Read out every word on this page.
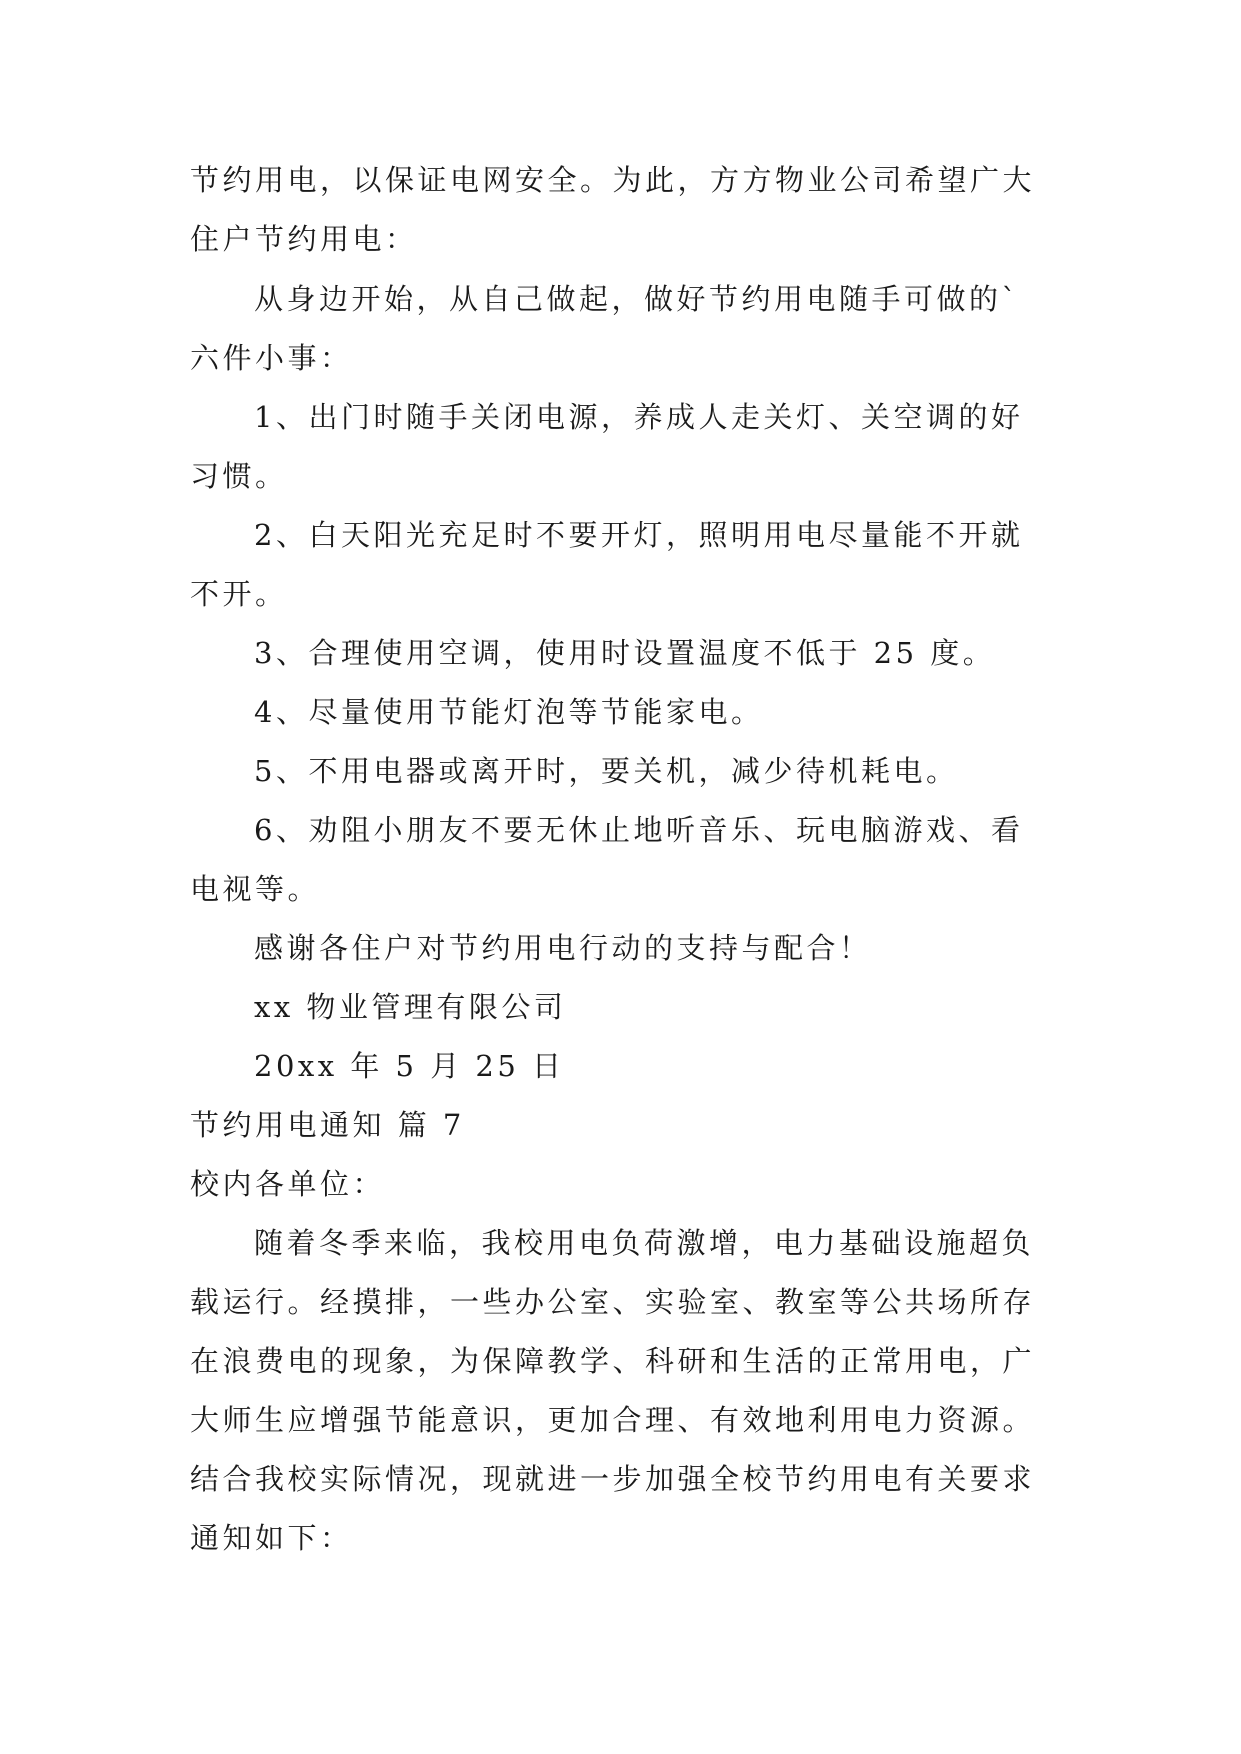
节约用电，以保证电网安全。为此，方方物业公司希望广大
住户节约用电：
从身边开始，从自己做起，做好节约用电随手可做的`
六件小事：
1、出门时随手关闭电源，养成人走关灯、关空调的好
习惯。
2、白天阳光充足时不要开灯，照明用电尽量能不开就
不开。
3、合理使用空调，使用时设置温度不低于 25 度。
4、尽量使用节能灯泡等节能家电。
5、不用电器或离开时，要关机，减少待机耗电。
6、劝阻小朋友不要无休止地听音乐、玩电脑游戏、看
电视等。
感谢各住户对节约用电行动的支持与配合！
xx 物业管理有限公司
20xx 年 5 月 25 日
节约用电通知 篇 7
校内各单位：
随着冬季来临，我校用电负荷激增，电力基础设施超负
载运行。经摸排，一些办公室、实验室、教室等公共场所存
在浪费电的现象，为保障教学、科研和生活的正常用电，广
大师生应增强节能意识，更加合理、有效地利用电力资源。
结合我校实际情况，现就进一步加强全校节约用电有关要求
通知如下：
